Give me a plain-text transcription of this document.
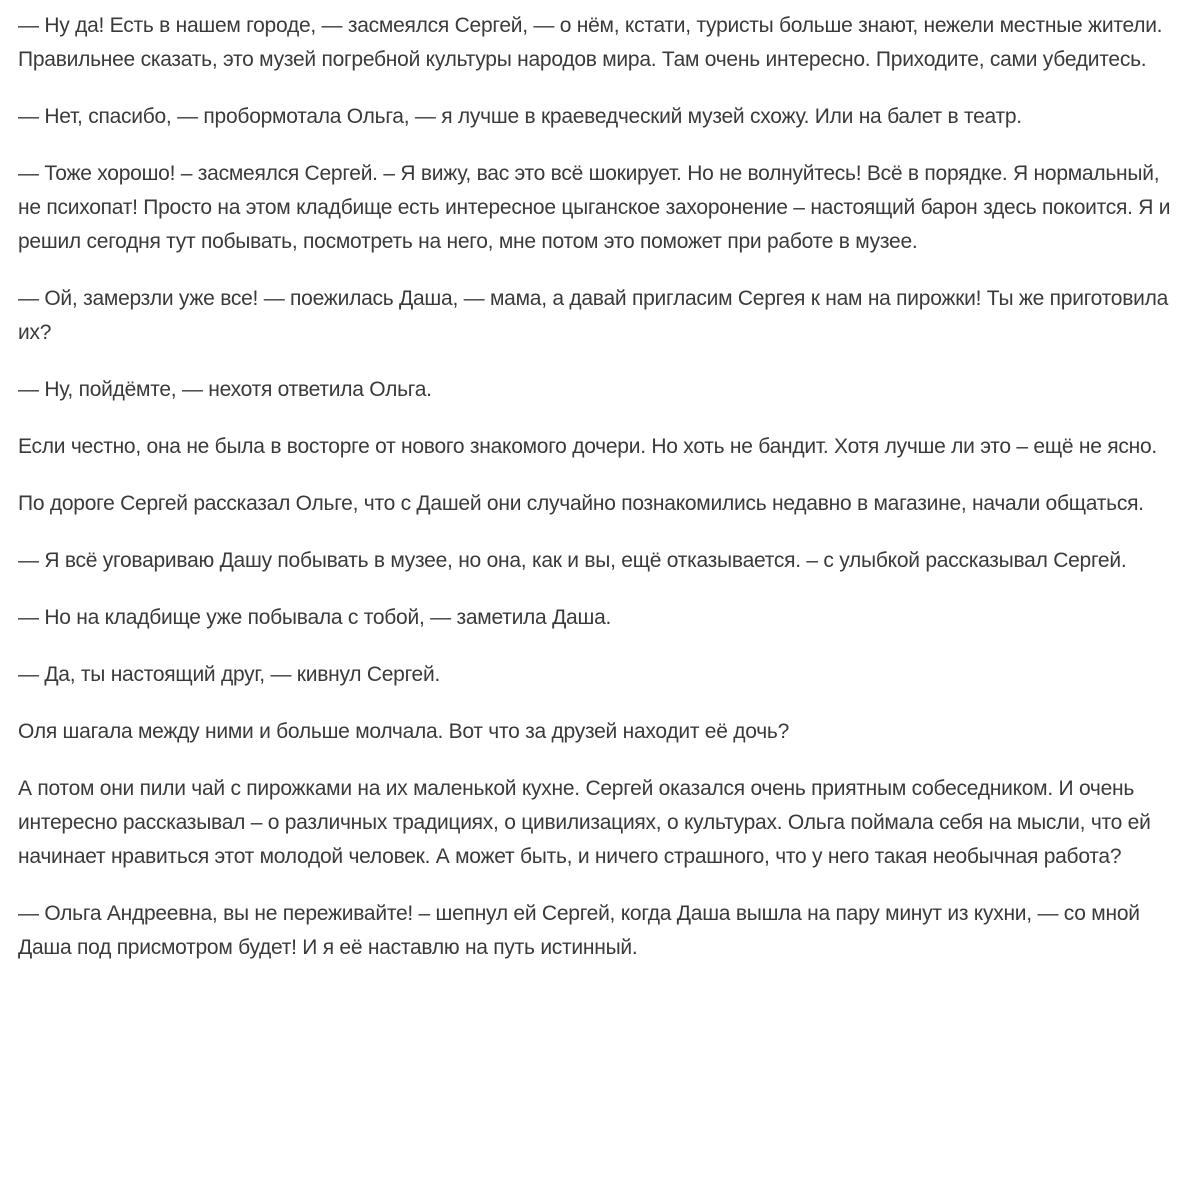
— Ну да! Есть в нашем городе, — засмеялся Сергей, — о нём, кстати, туристы больше знают, нежели местные жители. Правильнее сказать, это музей погребной культуры народов мира. Там очень интересно. Приходите, сами убедитесь.

— Нет, спасибо, — пробормотала Ольга, — я лучше в краеведческий музей схожу. Или на балет в театр.

— Тоже хорошо! – засмеялся Сергей. – Я вижу, вас это всё шокирует. Но не волнуйтесь! Всё в порядке. Я нормальный, не психопат! Просто на этом кладбище есть интересное цыганское захоронение – настоящий барон здесь покоится. Я и решил сегодня тут побывать, посмотреть на него, мне потом это поможет при работе в музее.

— Ой, замерзли уже все! — поежилась Даша, — мама, а давай пригласим Сергея к нам на пирожки! Ты же приготовила их?

— Ну, пойдёмте, — нехотя ответила Ольга.

Если честно, она не была в восторге от нового знакомого дочери. Но хоть не бандит. Хотя лучше ли это – ещё не ясно.

По дороге Сергей рассказал Ольге, что с Дашей они случайно познакомились недавно в магазине, начали общаться.

— Я всё уговариваю Дашу побывать в музее, но она, как и вы, ещё отказывается. – с улыбкой рассказывал Сергей.

— Но на кладбище уже побывала с тобой, — заметила Даша.

— Да, ты настоящий друг, — кивнул Сергей.

Оля шагала между ними и больше молчала. Вот что за друзей находит её дочь?

А потом они пили чай с пирожками на их маленькой кухне. Сергей оказался очень приятным собеседником. И очень интересно рассказывал – о различных традициях, о цивилизациях, о культурах. Ольга поймала себя на мысли, что ей начинает нравиться этот молодой человек. А может быть, и ничего страшного, что у него такая необычная работа?

— Ольга Андреевна, вы не переживайте! – шепнул ей Сергей, когда Даша вышла на пару минут из кухни, — со мной Даша под присмотром будет! И я её наставлю на путь истинный.
